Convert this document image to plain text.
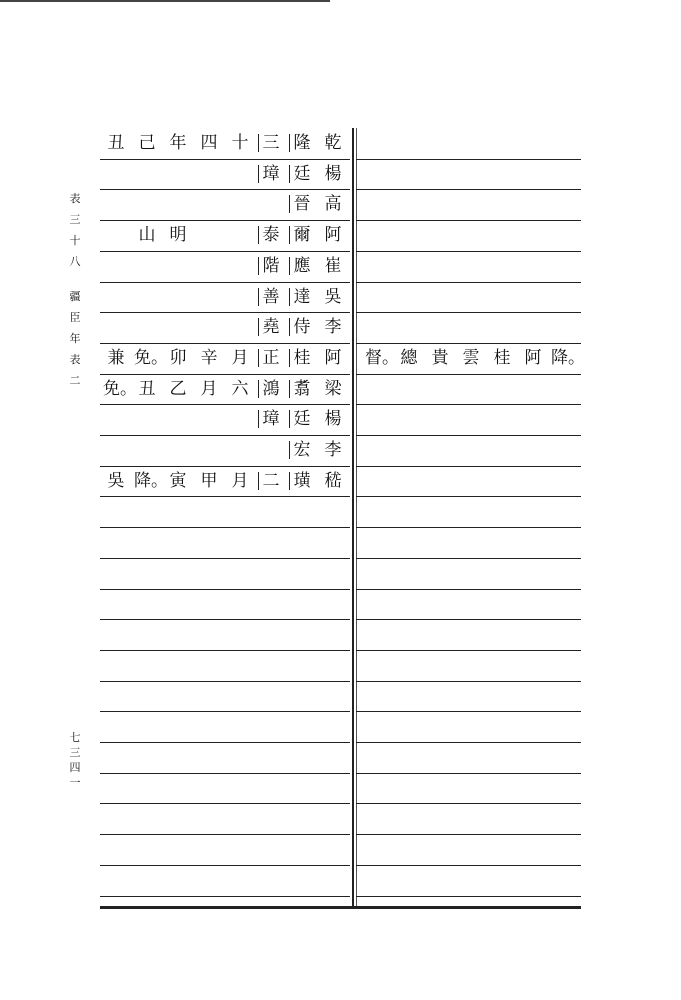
表
三
十
八
疆
臣
年
表
二
七
三
四
一
乾
隆
三
十
四
年
己
丑
楊
廷
璋
高
晉
阿
爾
泰
明
山
崔
應
階
吳
達
善
李
侍
堯
阿
桂
正
月
辛
卯
免。
兼
梁
翥
鴻
六
月
乙
丑
免。
楊
廷
璋
李
宏
嵇
璜
二
月
甲
寅
降。
吳
降。
阿
桂
雲
貴
總
督。
